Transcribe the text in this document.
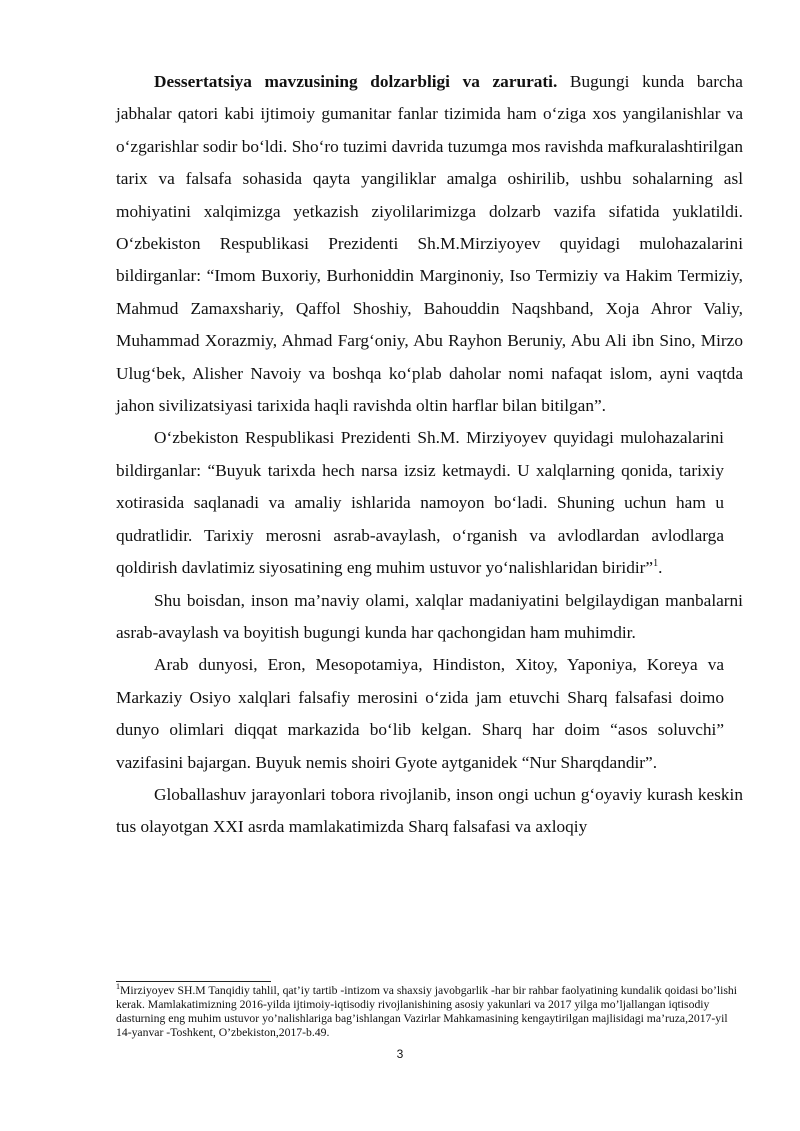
Dessertatsiya mavzusining dolzarbligi va zarurati. Bugungi kunda barcha jabhalar qatori kabi ijtimoiy gumanitar fanlar tizimida ham o‘ziga xos yangilanishlar va o‘zgarishlar sodir bo‘ldi. Sho‘ro tuzimi davrida tuzumga mos ravishda mafkuralashtirilgan tarix va falsafa sohasida qayta yangiliklar amalga oshirilib, ushbu sohalarning asl mohiyatini xalqimizga yetkazish ziyolilarimizga dolzarb vazifa sifatida yuklatildi. O‘zbekiston Respublikasi Prezidenti Sh.M.Mirziyoyev quyidagi mulohazalarini bildirganlar: “Imom Buxoriy, Burhoniddin Marginoniy, Iso Termiziy va Hakim Termiziy, Mahmud Zamaxshariy, Qaffol Shoshiy, Bahouddin Naqshband, Xoja Ahror Valiy, Muhammad Xorazmiy, Ahmad Farg‘oniy, Abu Rayhon Beruniy, Abu Ali ibn Sino, Mirzo Ulug‘bek, Alisher Navoiy va boshqa ko‘plab daholar nomi nafaqat islom, ayni vaqtda jahon sivilizatsiyasi tarixida haqli ravishda oltin harflar bilan bitilgan”.

O‘zbekiston Respublikasi Prezidenti Sh.M. Mirziyoyev quyidagi mulohazalarini bildirganlar: “Buyuk tarixda hech narsa izsiz ketmaydi. U xalqlarning qonida, tarixiy xotirasida saqlanadi va amaliy ishlarida namoyon bo‘ladi. Shuning uchun ham u qudratlidir. Tarixiy merosni asrab-avaylash, o‘rganish va avlodlardan avlodlarga qoldirish davlatimiz siyosatining eng muhim ustuvor yo‘nalishlaridan biridir”$^1$.

Shu boisdan, inson ma’naviy olami, xalqlar madaniyatini belgilaydigan manbalarni asrab-avaylash va boyitish bugungi kunda har qachongidan ham muhimdir.

Arab dunyosi, Eron, Mesopotamiya, Hindiston, Xitoy, Yaponiya, Koreya va Markaziy Osiyo xalqlari falsafiy merosini o‘zida jam etuvchi Sharq falsafasi doimo dunyo olimlari diqqat markazida bo‘lib kelgan. Sharq har doim “asos soluvchi” vazifasini bajargan. Buyuk nemis shoiri Gyote aytganidek “Nur Sharqdandir”.

Globallashuv jarayonlari tobora rivojlanib, inson ongi uchun g‘oyaviy kurash keskin tus olayotgan XXI asrda mamlakatimizda Sharq falsafasi va axloqiy

$^1$Mirziyoyev SH.M Tanqidiy tahlil, qat’iy tartib -intizom va shaxsiy javobgarlik -har bir rahbar faolyatining kundalik qoidasi bo’lishi kerak. Mamlakatimizning 2016-yilda ijtimoiy-iqtisodiy rivojlanishining asosiy yakunlari va 2017 yilga mo’ljallangan iqtisodiy dasturning eng muhim ustuvor yo’nalishlariga bag’ishlangan Vazirlar Mahkamasining kengaytirilgan majlisidagi ma’ruza,2017-yil 14-yanvar -Toshkent, O’zbekiston,2017-b.49.
3
